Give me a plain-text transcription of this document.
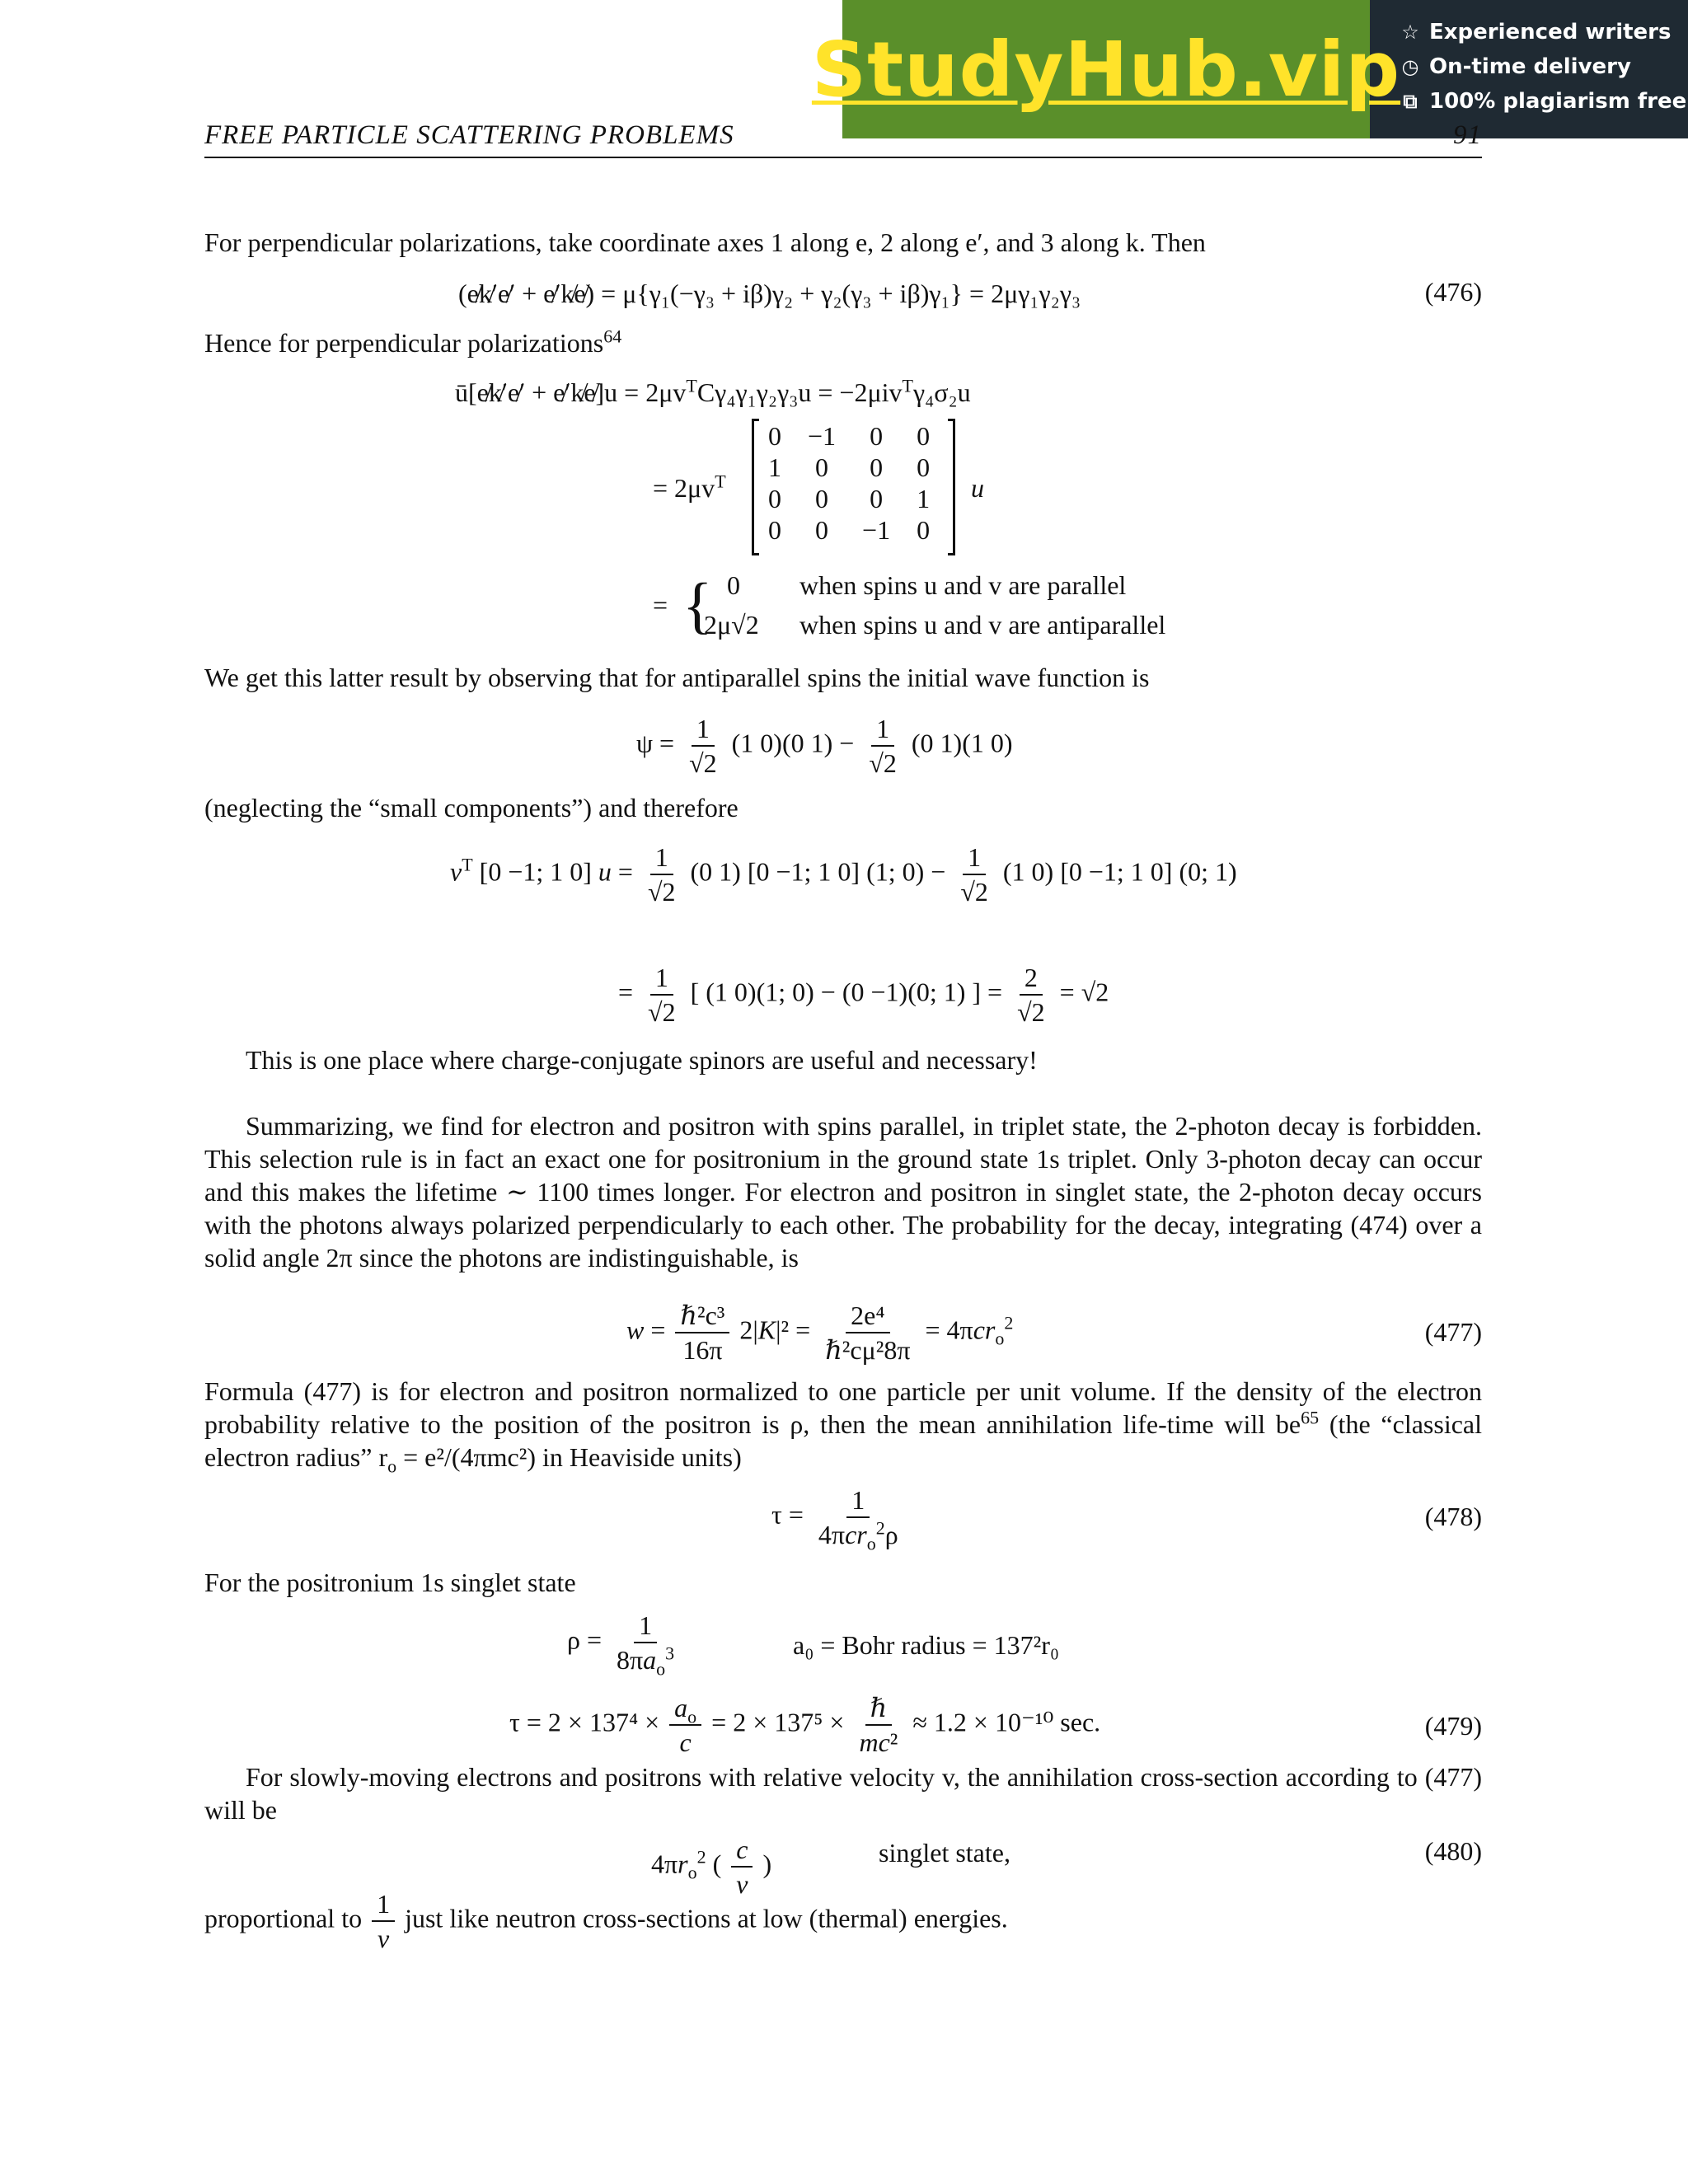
StudyHub.vip ☆ Experienced writers
◷ On-time delivery
⧉ 100% plagiarism free
FREE PARTICLE SCATTERING PROBLEMS	91
For perpendicular polarizations, take coordinate axes 1 along e, 2 along e′, and 3 along k. Then
(e̸k̸′e̸′ + e̸′k̸e̸) = μ{γ₁(−γ₃ + iβ)γ₂ + γ₂(γ₃ + iβ)γ₁} = 2μγ₁γ₂γ₃	(476)
Hence for perpendicular polarizations$^{64}$
ū[e̸k̸′e̸′ + e̸′k̸e̸]u = $2\mu v^TC\gamma_4\gamma_1\gamma_2\gamma_3u = -2\mu iv^T\gamma_4\sigma_2u$
= $2\mu v^T$
0	−1	0	0
1	0	0	0
0	0	0	1
0	0	−1	0
u
= { 0 when spins u and v are parallel
2μ√2 when spins u and v are antiparallel
We get this latter result by observing that for antiparallel spins the initial wave function is
$\psi = \frac{1}{√2} (1$ 0)(0 $1) - \frac{1}{√2} (0$ 1)(1 0)
(neglecting the “small components”) and therefore
$v^T$ [0 −1; 1 0] $u = \frac{1}{√2} (0$ 1) [0 −1; 1 0] (1; $0) - \frac{1}{√2} (1$ 0) [0 −1; 1 0] (0; 1)
= $\frac{1}{√2}$ [ (1 0)(1; 0) − (0 −1)(0; 1) ] = $\frac{2}{√2} = √2$
This is one place where charge-conjugate spinors are useful and necessary!
Summarizing, we find for electron and positron with spins parallel, in triplet state, the 2-photon decay is forbidden. This selection rule is in fact an exact one for positronium in the ground state 1s triplet. Only 3-photon decay can occur and this makes the lifetime ∼ 1100 times longer. For electron and positron in singlet state, the 2-photon decay occurs with the photons always polarized perpendicularly to each other. The probability for the decay, integrating (474) over a solid angle 2π since the photons are indistinguishable, is
$w = \frac{\text{ℏ²c³}}{16\pi} 2|K|^2 = \frac{\text{2e⁴}}{\text{ℏ²cμ²8π}} = 4\pi cr_o^2$	(477)
Formula (477) is for electron and positron normalized to one particle per unit volume. If the density of the electron probability relative to the position of the positron is ρ, then the mean annihilation life-time will $be^{65}$ (the “classical electron radius” $r_o = e^2/(4\pi mc^2)$ in Heaviside units)
$\tau = \frac{1}{4\pi cr_o^2\rho}$	(478)
For the positronium 1s singlet state
$\rho = \frac{1}{8\pi a_o^3}$	a₀ = Bohr radius = 137²r₀
$\tau = 2 \times 137^4 \times \frac{a_o}{c} = 2 \times 137^5 \times \frac{\text{ℏ}}{\text{mc²}} \approx 1.2 \times 10^{-10}$ sec.	(479)
For slowly-moving electrons and positrons with relative velocity v, the annihilation cross-section according to (477) will be
$4\pi r_o^2$ ( $\frac{c}{v}$ )	singlet state,	(480)
proportional to $\frac{1}{v}$ just like neutron cross-sections at low (thermal) energies.
